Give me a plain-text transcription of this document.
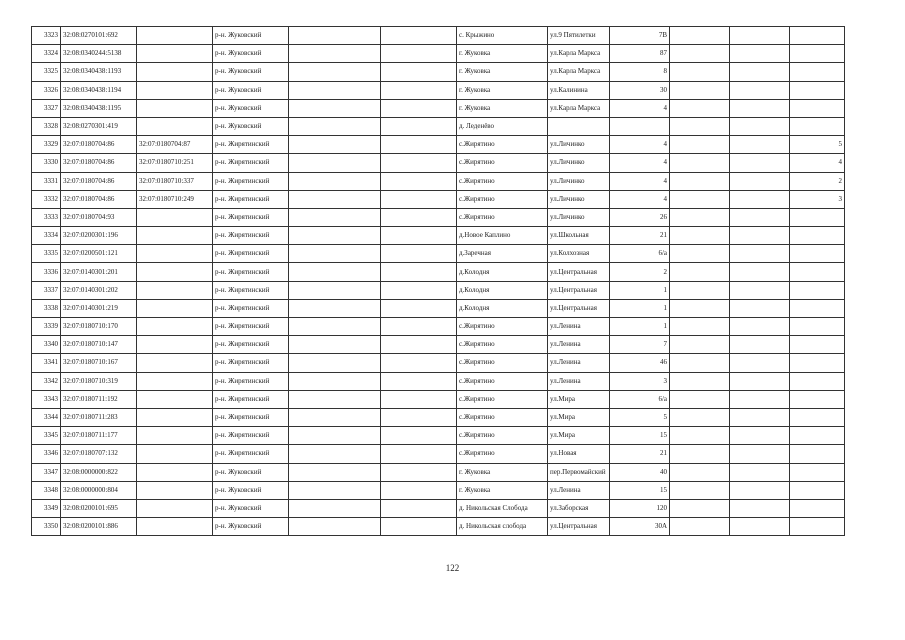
3323	32:08:0270101:692		р-н. Жуковский			с. Крыжино	ул.9 Пятилетки	7В			
3324	32:08:0340244:5138		р-н. Жуковский			г. Жуковка	ул.Карла Маркса	87			
3325	32:08:0340438:1193		р-н. Жуковский			г. Жуковка	ул.Карла Маркса	8			
3326	32:08:0340438:1194		р-н. Жуковский			г. Жуковка	ул.Калинина	30			
3327	32:08:0340438:1195		р-н. Жуковский			г. Жуковка	ул.Карла Маркса	4			
3328	32:08:0270301:419		р-н. Жуковский			д. Леденёво					
3329	32:07:0180704:86	32:07:0180704:87	р-н. Жирятинский			с.Жирятино	ул.Личинко	4			5
3330	32:07:0180704:86	32:07:0180710:251	р-н. Жирятинский			с.Жирятино	ул.Личинко	4			4
3331	32:07:0180704:86	32:07:0180710:337	р-н. Жирятинский			с.Жирятино	ул.Личинко	4			2
3332	32:07:0180704:86	32:07:0180710:249	р-н. Жирятинский			с.Жирятино	ул.Личинко	4			3
3333	32:07:0180704:93		р-н. Жирятинский			с.Жирятино	ул.Личинко	26			
3334	32:07:0200301:196		р-н. Жирятинский			д.Новое Каплино	ул.Школьная	21			
3335	32:07:0200501:121		р-н. Жирятинский			д.Заречная	ул.Колхозная	6/а			
3336	32:07:0140301:201		р-н. Жирятинский			д.Колодня	ул.Центральная	2			
3337	32:07:0140301:202		р-н. Жирятинский			д.Колодня	ул.Центральная	1			
3338	32:07:0140301:219		р-н. Жирятинский			д.Колодня	ул.Центральная	1			
3339	32:07:0180710:170		р-н. Жирятинский			с.Жирятино	ул.Ленина	1			
3340	32:07:0180710:147		р-н. Жирятинский			с.Жирятино	ул.Ленина	7			
3341	32:07:0180710:167		р-н. Жирятинский			с.Жирятино	ул.Ленина	46			
3342	32:07:0180710:319		р-н. Жирятинский			с.Жирятино	ул.Ленина	3			
3343	32:07:0180711:192		р-н. Жирятинский			с.Жирятино	ул.Мира	6/а			
3344	32:07:0180711:283		р-н. Жирятинский			с.Жирятино	ул.Мира	5			
3345	32:07:0180711:177		р-н. Жирятинский			с.Жирятино	ул.Мира	15			
3346	32:07:0180707:132		р-н. Жирятинский			с.Жирятино	ул.Новая	21			
3347	32:08:0000000:822		р-н. Жуковский			г. Жуковка	пер.Первомайский	40			
3348	32:08:0000000:804		р-н. Жуковский			г. Жуковка	ул.Ленина	15			
3349	32:08:0200101:695		р-н. Жуковский			д. Никольская Слобода	ул.Заборская	120			
3350	32:08:0200101:886		р-н. Жуковский			д. Никольская слобода	ул.Центральная	30А			
122
